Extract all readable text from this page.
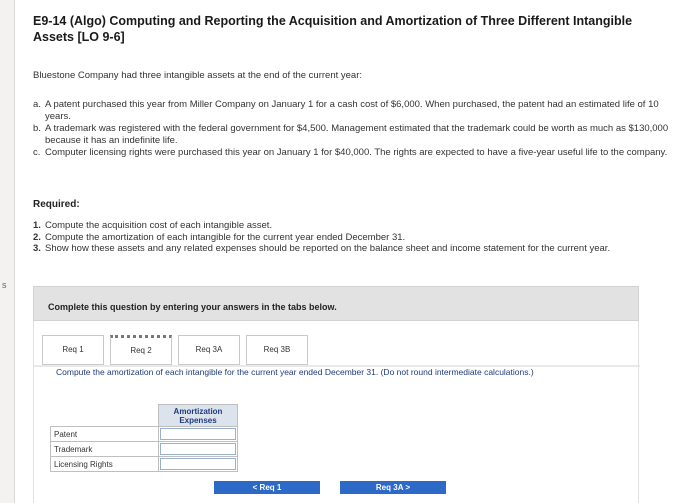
s
E9-14 (Algo) Computing and Reporting the Acquisition and Amortization of Three Different Intangible Assets [LO 9-6]
Bluestone Company had three intangible assets at the end of the current year:
a. A patent purchased this year from Miller Company on January 1 for a cash cost of $6,000. When purchased, the patent had an estimated life of 10 years.
b. A trademark was registered with the federal government for $4,500. Management estimated that the trademark could be worth as much as $130,000 because it has an indefinite life.
c. Computer licensing rights were purchased this year on January 1 for $40,000. The rights are expected to have a five-year useful life to the company.
Required:
1. Compute the acquisition cost of each intangible asset.
2. Compute the amortization of each intangible for the current year ended December 31.
3. Show how these assets and any related expenses should be reported on the balance sheet and income statement for the current year.
Complete this question by entering your answers in the tabs below.
Req 1	Req 2	Req 3A	Req 3B
Compute the amortization of each intangible for the current year ended December 31. (Do not round intermediate calculations.)
	Amortization Expenses
Patent	
Trademark	
Licensing Rights	
< Req 1	Req 3A >
